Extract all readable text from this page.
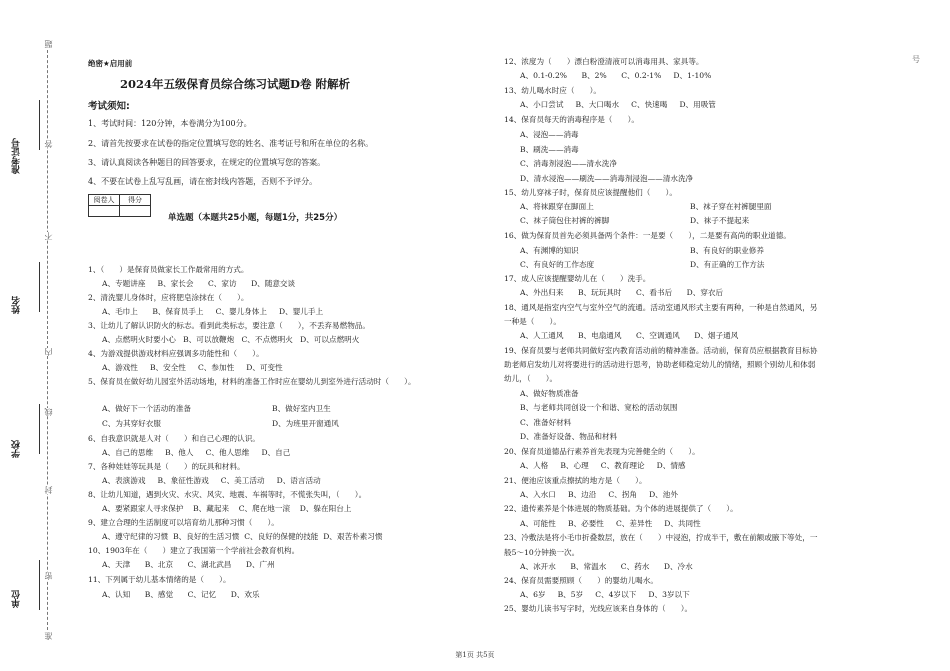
准考证号
姓名
学校
单位
题
答
不
内
线
封
密
准
绝密★启用前
2024年五级保育员综合练习试题D卷 附解析
考试须知:
1、考试时间：120分钟，本卷满分为100分。
2、请首先按要求在试卷的指定位置填写您的姓名、准考证号和所在单位的名称。
3、请认真阅读各种题目的回答要求，在规定的位置填写您的答案。
4、不要在试卷上乱写乱画，请在密封线内答题，否则不予评分。
阅卷人	得分

单选题（本题共25小题，每题1分，共25分）
号
1、（　　）是保育员做家长工作最常用的方式。
A、专题讲座 B、家长会 C、家访 D、随意交谈
2、清洗婴儿身体时，应将肥皂涂抹在（　　）。
A、毛巾上 B、保育员手上 C、婴儿身体上 D、婴儿手上
3、让幼儿了解认识防火的标志。看到此类标志，要注意（　　），不丢弃易燃物品。
A、点燃明火时要小心 B、可以放鞭炮 C、不点燃明火 D、可以点燃明火
4、为游戏提供游戏材料应强调多功能性和（　　）。
A、游戏性 B、安全性 C、参加性 D、可变性
5、保育员在做好幼儿园室外活动场地，材料的准备工作时应在婴幼儿到室外进行活动时（　　）。
A、做好下一个活动的准备	B、做好室内卫生
C、为其穿好衣服	D、为班里开窗通风
6、自我意识就是人对（　　）和自己心理的认识。
A、自己的思维 B、他人 C、他人思维 D、自己
7、各种娃娃等玩具是（　　）的玩具和材料。
A、表演游戏 B、象征性游戏 C、美工活动 D、语言活动
8、让幼儿知道，遇到火灾、水灾、风灾、地震、车祸等时，不慌张失叫，（　　）。
A、要紧跟家人寻求保护 B、藏起来 C、爬在地一滚 D、躲在阳台上
9、建立合理的生活制度可以培育幼儿那种习惯（　　）。
A、遵守纪律的习惯 B、良好的生活习惯 C、良好的保健的技能 D、艰苦朴素习惯
10、1903年在（　　）建立了我国第一个学前社会教育机构。
A、天津 B、北京 C、湖北武昌 D、广州
11、下列属于幼儿基本情绪的是（　　）。
A、认知 B、感觉 C、记忆 D、欢乐
12、浓度为（　　）漂白粉澄清液可以消毒用具、家具等。
A、0.1-0.2% B、2% C、0.2-1% D、1-10%
13、幼儿喝水时应（　　）。
A、小口尝试 B、大口喝水 C、快速喝 D、用吸管
14、保育员每天的消毒程序是（　　）。
A、浸泡——消毒
B、刷洗——消毒
C、消毒剂浸泡——清水洗净
D、清水浸泡——刷洗——消毒剂浸泡——清水洗净
15、幼儿穿袜子时，保育员应该提醒他们（　　）。
A、将袜跟穿在脚面上	B、袜子穿在衬裤腿里面
C、袜子筒包住衬裤的裤脚	D、袜子不提起来
16、做为保育员首先必须具备两个条件：一是要（　　），二是要有高尚的职业道德。
A、有渊博的知识	B、有良好的职业修养
C、有良好的工作态度	D、有正确的工作方法
17、成人应该提醒婴幼儿在（　　）洗手。
A、外出归来 B、玩玩具时 C、看书后 D、穿衣后
18、通风是指室内空气与室外空气的流通。活动室通风形式主要有两种，一种是自然通风，另
一种是（　　）。
A、人工通风 B、电扇通风 C、空调通风 D、烟子通风
19、保育员要与老师共同做好室内教育活动前的精神准备。活动前，保育员应根据教育目标协
助老师启发幼儿对将要进行的活动进行思考，协助老师稳定幼儿的情绪，照顾个别幼儿和体弱
幼儿，（　　）。
A、做好物质准备
B、与老师共同创设一个和谐、宽松的活动氛围
C、准备好材料
D、准备好设备、物品和材料
20、保育员道德品行素养首先表现为完善健全的（　　）。
A、人格 B、心理 C、教育理论 D、情感
21、便池应该重点擦拭的地方是（　　）。
A、入水口 B、边沿 C、拐角 D、池外
22、遗传素养是个体进展的物质基础。为个体的进展提供了（　　）。
A、可能性 B、必要性 C、差异性 D、共同性
23、冷敷法是将小毛巾折叠数层，放在（　　）中浸泡，拧成半干，敷在前额或腋下等处，一
般5～10分钟换一次。
A、冰开水 B、常温水 C、药水 D、冷水
24、保育员需要照顾（　　）的婴幼儿喝水。
A、6岁 B、5岁 C、4岁以下 D、3岁以下
25、婴幼儿读书写字时，光线应该来自身体的（　　）。
第1页 共5页
